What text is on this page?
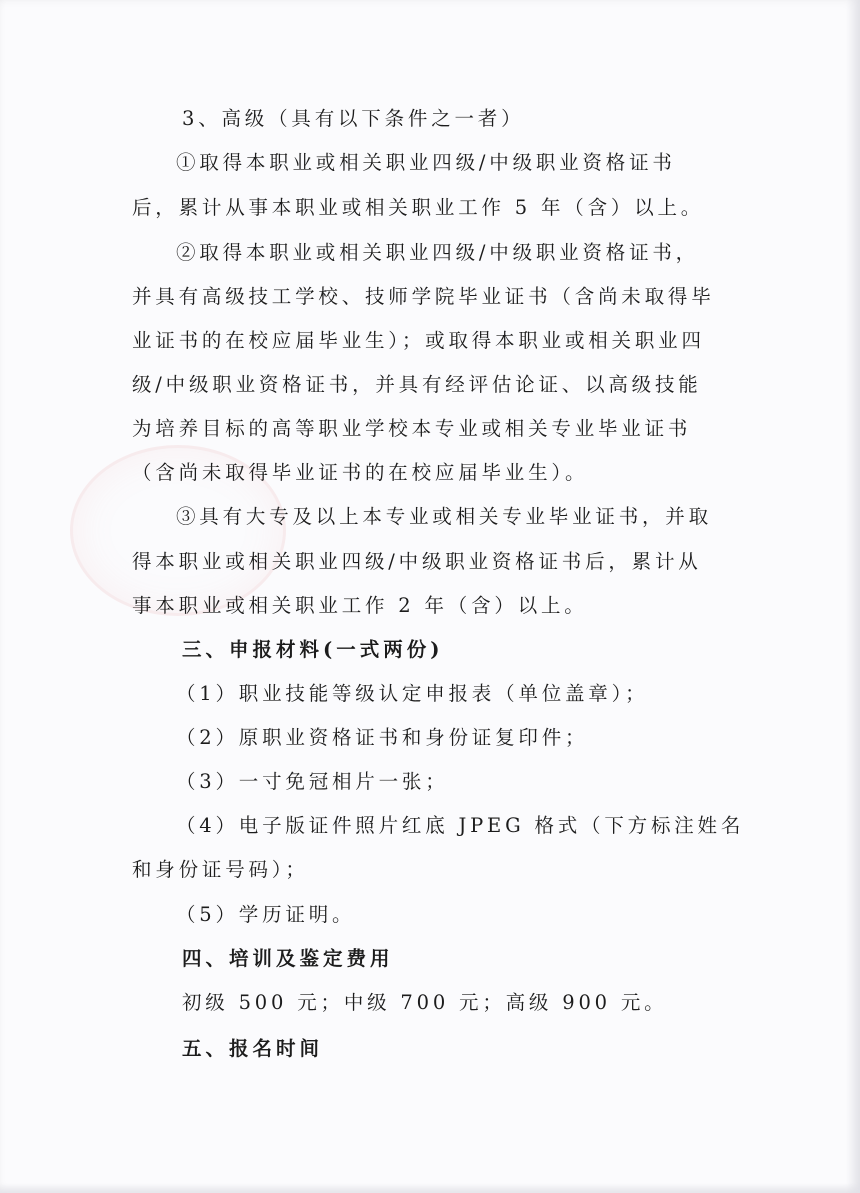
3、高级（具有以下条件之一者）

①取得本职业或相关职业四级/中级职业资格证书

后，累计从事本职业或相关职业工作 5 年（含）以上。

②取得本职业或相关职业四级/中级职业资格证书，

并具有高级技工学校、技师学院毕业证书（含尚未取得毕

业证书的在校应届毕业生）；或取得本职业或相关职业四

级/中级职业资格证书，并具有经评估论证、以高级技能

为培养目标的高等职业学校本专业或相关专业毕业证书

（含尚未取得毕业证书的在校应届毕业生）。

③具有大专及以上本专业或相关专业毕业证书，并取

得本职业或相关职业四级/中级职业资格证书后，累计从

事本职业或相关职业工作 2 年（含）以上。

三、申报材料(一式两份)

（1）职业技能等级认定申报表（单位盖章）；

（2）原职业资格证书和身份证复印件；

（3）一寸免冠相片一张；

（4）电子版证件照片红底 JPEG 格式（下方标注姓名

和身份证号码）；

（5）学历证明。

四、培训及鉴定费用

初级 500 元；中级 700 元；高级 900 元。

五、报名时间
